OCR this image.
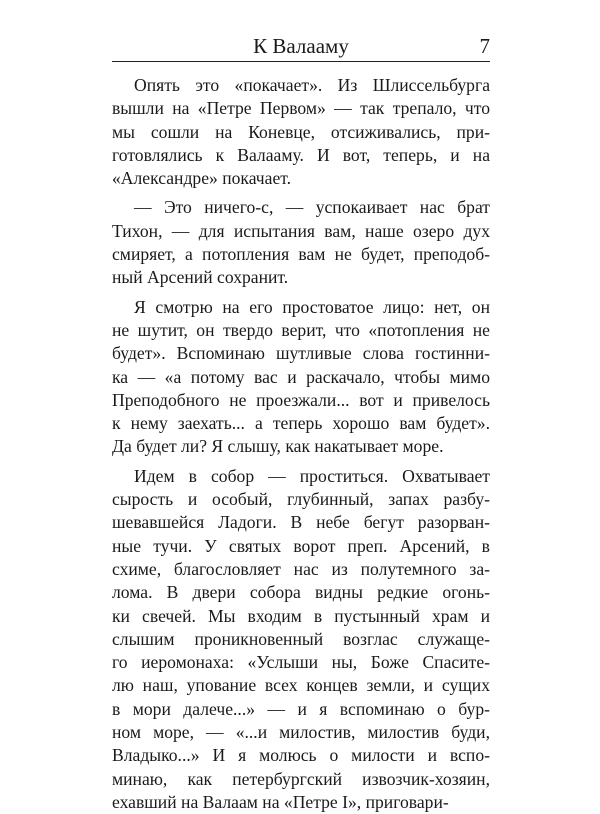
К Валааму	7
Опять это «покачает». Из Шлиссельбурга
вышли на «Петре Первом» — так трепало, что
мы сошли на Коневце, отсиживались, при-
готовлялись к Валааму. И вот, теперь, и на
«Александре» покачает.
— Это ничего-с, — успокаивает нас брат
Тихон, — для испытания вам, наше озеро дух
смиряет, а потопления вам не будет, преподоб-
ный Арсений сохранит.
Я смотрю на его простоватое лицо: нет, он
не шутит, он твердо верит, что «потопления не
будет». Вспоминаю шутливые слова гостинни-
ка — «а потому вас и раскачало, чтобы мимо
Преподобного не проезжали... вот и привелось
к нему заехать... а теперь хорошо вам будет».
Да будет ли? Я слышу, как накатывает море.
Идем в собор — проститься. Охватывает
сырость и особый, глубинный, запах разбу-
шевавшейся Ладоги. В небе бегут разорван-
ные тучи. У святых ворот преп. Арсений, в
схиме, благословляет нас из полутемного за-
лома. В двери собора видны редкие огонь-
ки свечей. Мы входим в пустынный храм и
слышим проникновенный возглас служаще-
го иеромонаха: «Услыши ны, Боже Спасите-
лю наш, упование всех концев земли, и сущих
в мори далече...» — и я вспоминаю о бур-
ном море, — «...и милостив, милостив буди,
Владыко...» И я молюсь о милости и вспо-
минаю, как петербургский извозчик-хозяин,
ехавший на Валаам на «Петре I», приговари-
